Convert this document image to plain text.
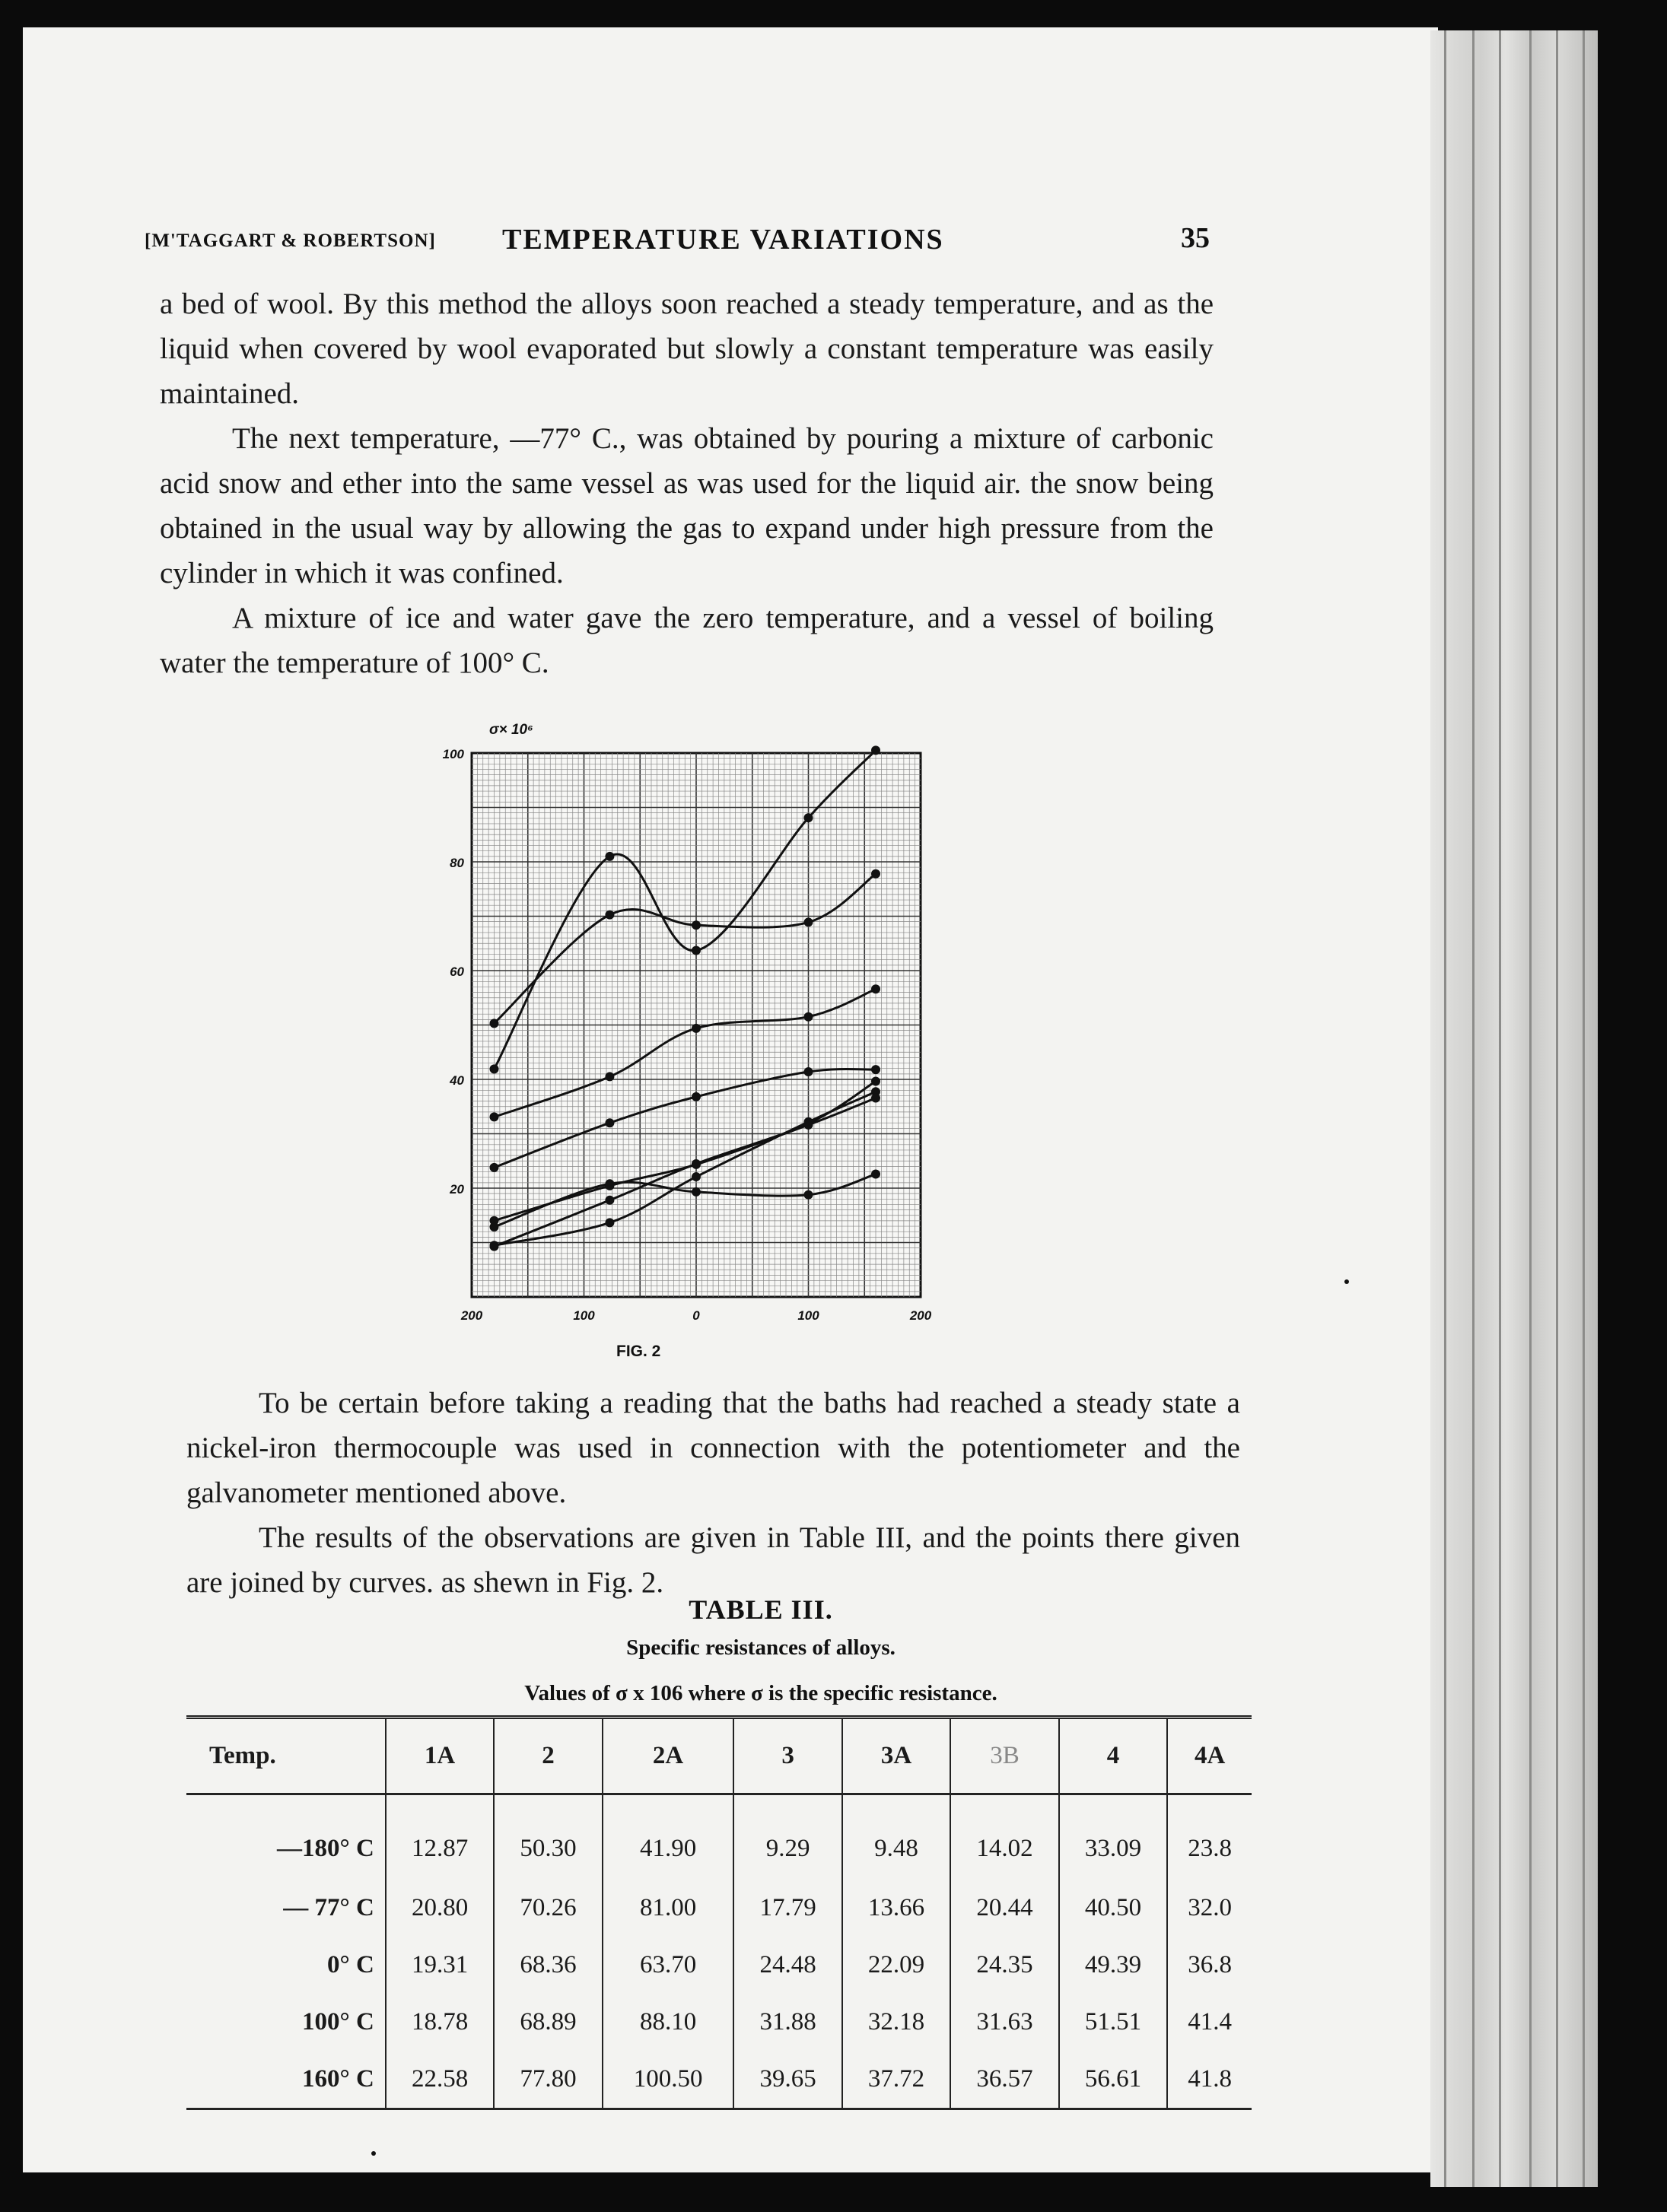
[M'TAGGART & ROBERTSON] TEMPERATURE VARIATIONS	35

a bed of wool. By this method the alloys soon reached a steady temperature, and as the liquid when covered by wool evaporated but slowly a constant temperature was easily maintained.

The next temperature, —77° C., was obtained by pouring a mixture of carbonic acid snow and ether into the same vessel as was used for the liquid air. the snow being obtained in the usual way by allowing the gas to expand under high pressure from the cylinder in which it was confined.

A mixture of ice and water gave the zero temperature, and a vessel of boiling water the temperature of 100° C.

σ× 10⁶
100
80
60
40
20
200	100	0	100	200
FIG. 2

To be certain before taking a reading that the baths had reached a steady state a nickel-iron thermocouple was used in connection with the potentiometer and the galvanometer mentioned above.

The results of the observations are given in Table III, and the points there given are joined by curves. as shewn in Fig. 2.

TABLE III.
Specific resistances of alloys.
Values of σ x 106 where σ is the specific resistance.
Temp.	1A	2	2A	3	3A	3B	4	4A
—180° C	12.87	50.30	41.90	9.29	9.48	14.02	33.09	23.8
— 77° C	20.80	70.26	81.00	17.79	13.66	20.44	40.50	32.0
0° C	19.31	68.36	63.70	24.48	22.09	24.35	49.39	36.8
100° C	18.78	68.89	88.10	31.88	32.18	31.63	51.51	41.4
160° C	22.58	77.80	100.50	39.65	37.72	36.57	56.61	41.8
